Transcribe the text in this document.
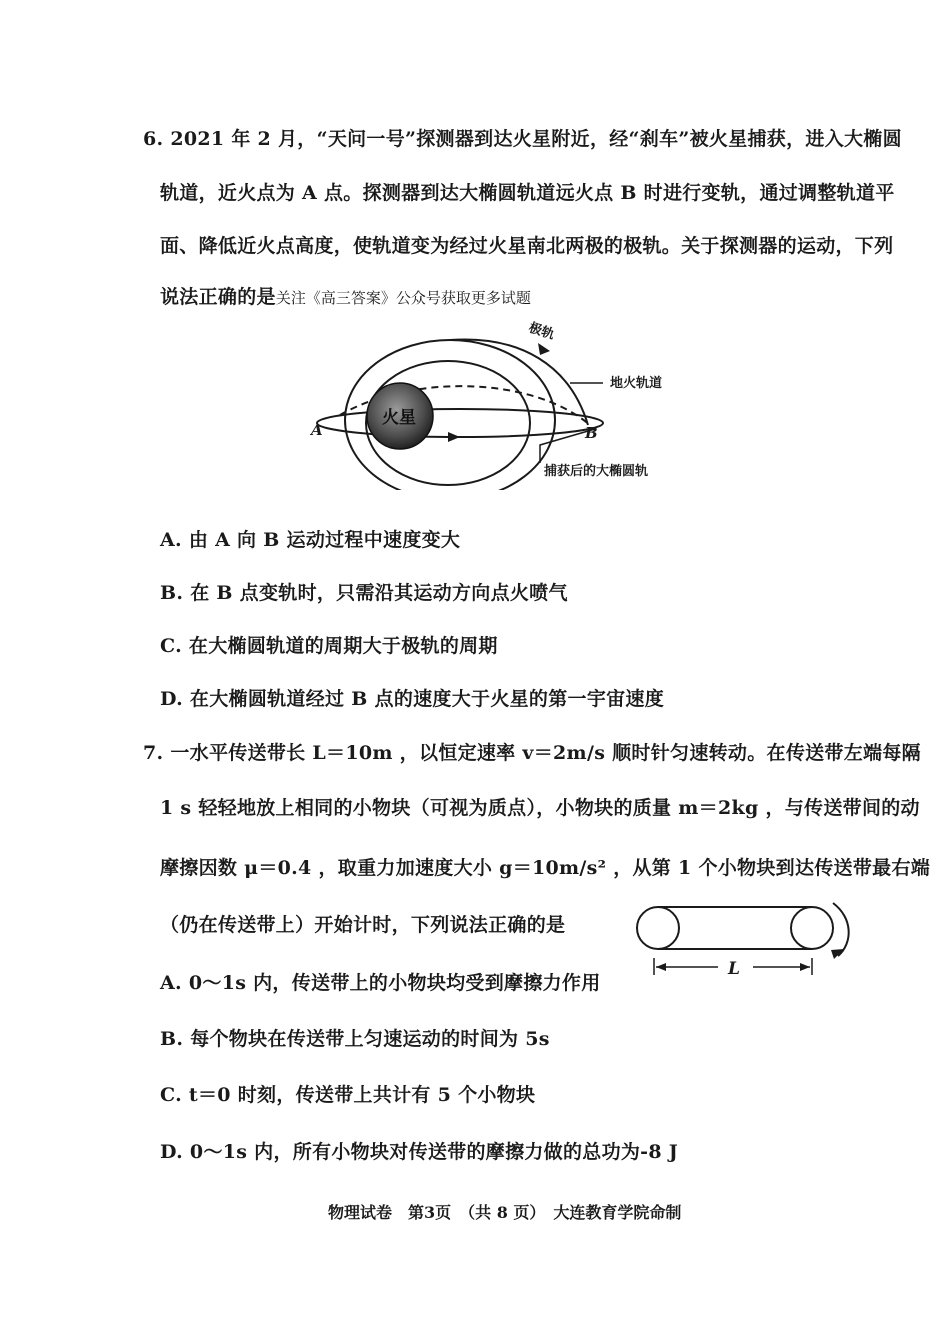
6. 2021 年 2 月，“天问一号”探测器到达火星附近，经“刹车”被火星捕获，进入大椭圆
轨道，近火点为 A 点。探测器到达大椭圆轨道远火点 B 时进行变轨，通过调整轨道平
面、降低近火点高度，使轨道变为经过火星南北两极的极轨。关于探测器的运动，下列
说法正确的是关注《高三答案》公众号获取更多试题
火星
极轨
地火轨道
捕获后的大椭圆轨
A	B
A. 由 A 向 B 运动过程中速度变大
B. 在 B 点变轨时，只需沿其运动方向点火喷气
C. 在大椭圆轨道的周期大于极轨的周期
D. 在大椭圆轨道经过 B 点的速度大于火星的第一宇宙速度
7. 一水平传送带长 L＝10m ，以恒定速率 v＝2m/s 顺时针匀速转动。在传送带左端每隔
1 s 轻轻地放上相同的小物块（可视为质点），小物块的质量 m＝2kg ，与传送带间的动
摩擦因数 μ＝0.4 ，取重力加速度大小 g＝10m/s² ，从第 1 个小物块到达传送带最右端
（仍在传送带上）开始计时，下列说法正确的是
L
A. 0～1s 内，传送带上的小物块均受到摩擦力作用
B. 每个物块在传送带上匀速运动的时间为 5s
C. t＝0 时刻，传送带上共计有 5 个小物块
D. 0～1s 内，所有小物块对传送带的摩擦力做的总功为-8 J
物理试卷　第3页　（共 8 页）　大连教育学院命制
